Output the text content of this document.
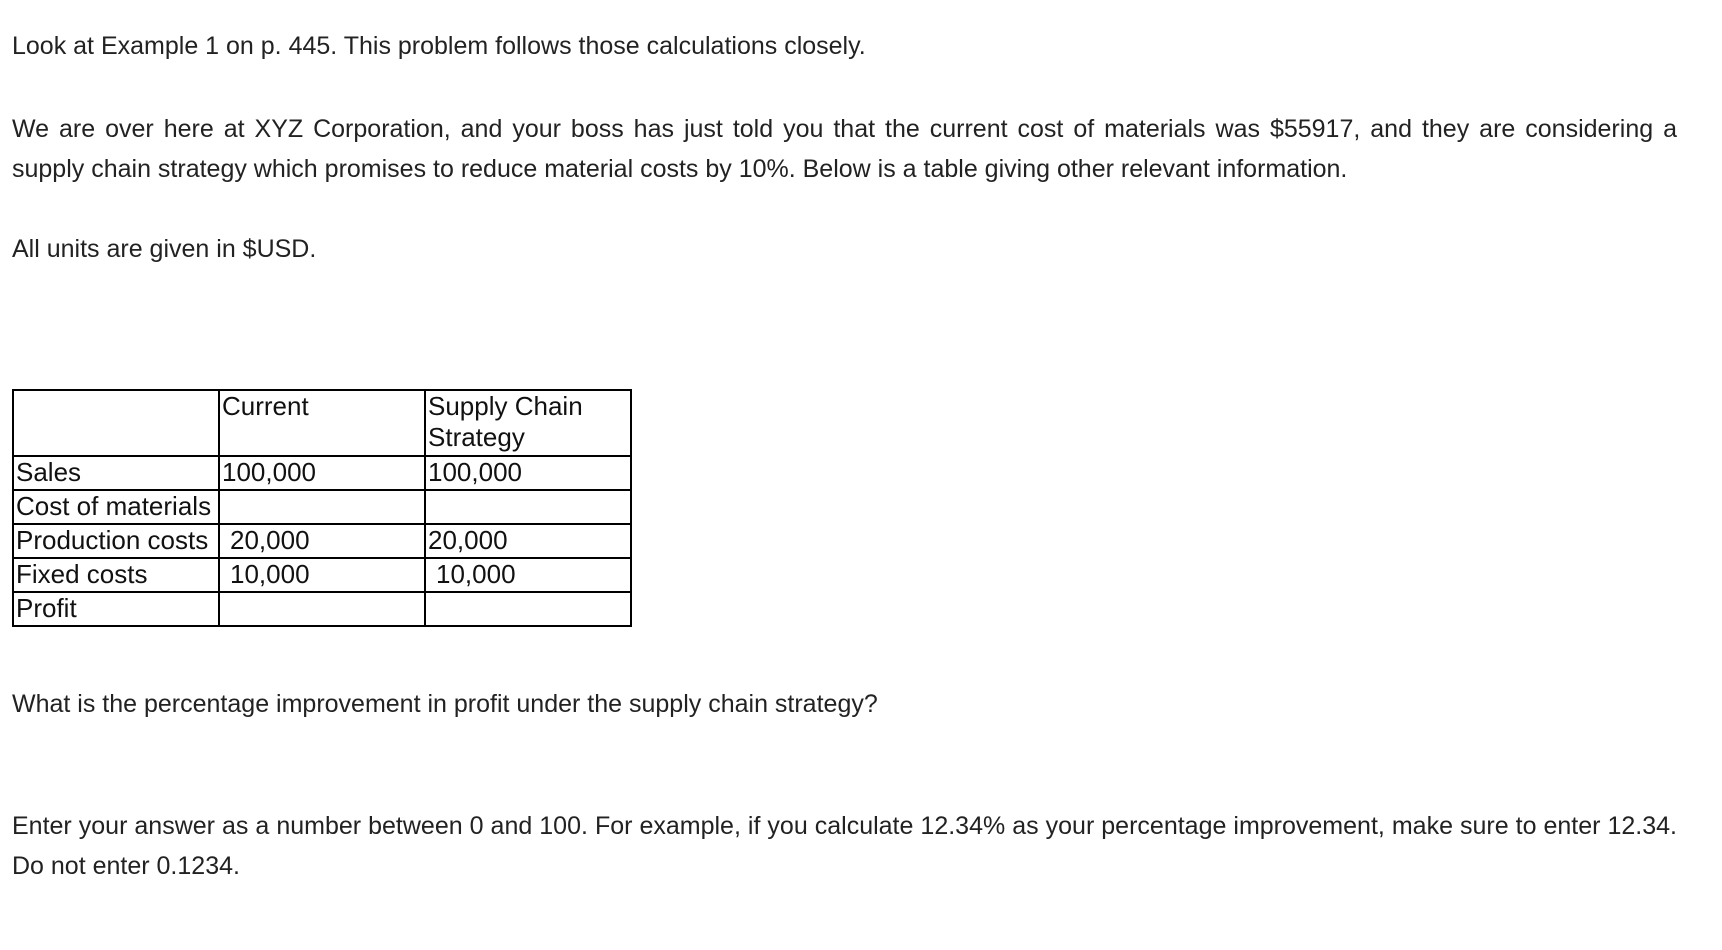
Look at Example 1 on p. 445. This problem follows those calculations closely.

We are over here at XYZ Corporation, and your boss has just told you that the current cost of materials was $55917, and they are considering a supply chain strategy which promises to reduce material costs by 10%. Below is a table giving other relevant information.

All units are given in $USD.

	Current	Supply Chain Strategy
Sales	100,000	100,000
Cost of materials		
Production costs	20,000	20,000
Fixed costs	10,000	10,000
Profit		

What is the percentage improvement in profit under the supply chain strategy?

Enter your answer as a number between 0 and 100. For example, if you calculate 12.34% as your percentage improvement, make sure to enter 12.34. Do not enter 0.1234.
